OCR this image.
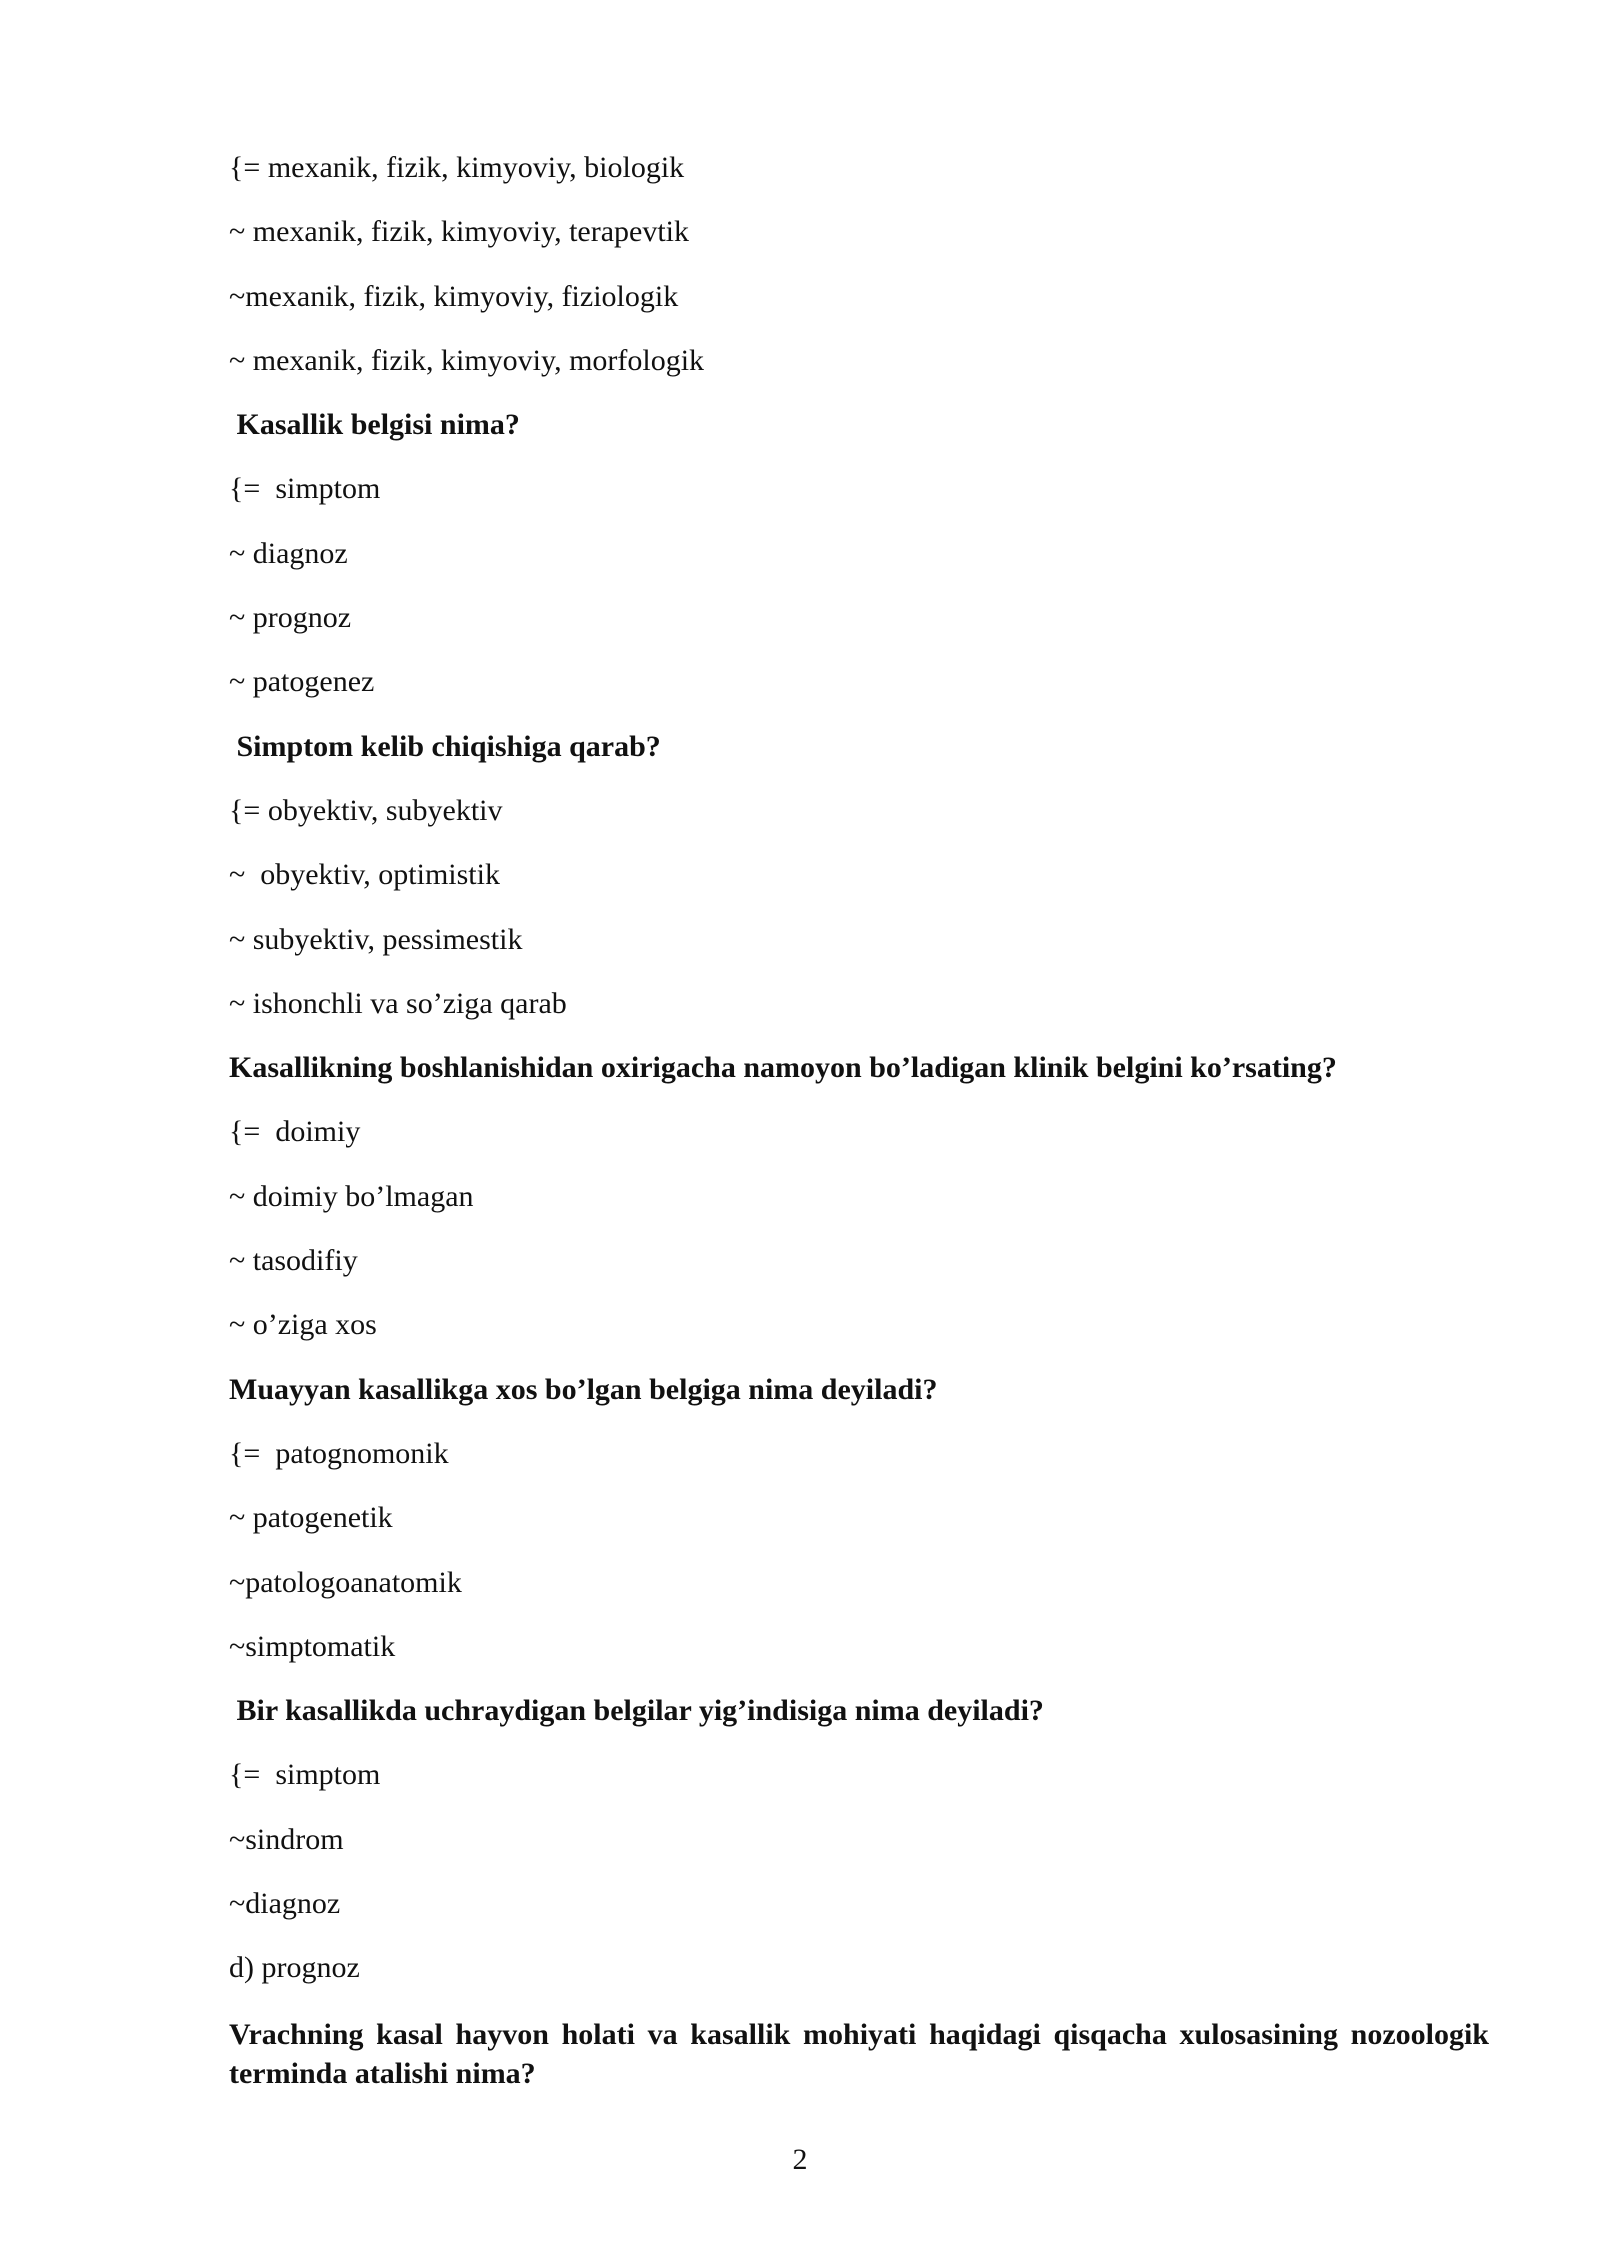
{= mexanik, fizik, kimyoviy, biologik
~ mexanik, fizik, kimyoviy, terapevtik
~mexanik, fizik, kimyoviy, fiziologik
~ mexanik, fizik, kimyoviy, morfologik
Kasallik belgisi nima?
{=  simptom
~ diagnoz
~ prognoz
~ patogenez
Simptom kelib chiqishiga qarab?
{= obyektiv, subyektiv
~  obyektiv, optimistik
~ subyektiv, pessimestik
~ ishonchli va so’ziga qarab
Kasallikning boshlanishidan oxirigacha namoyon bo’ladigan klinik belgini ko’rsating?
{=  doimiy
~ doimiy bo’lmagan
~ tasodifiy
~ o’ziga xos
Muayyan kasallikga xos bo’lgan belgiga nima deyiladi?
{=  patognomonik
~ patogenetik
~patologoanatomik
~simptomatik
Bir kasallikda uchraydigan belgilar yig’indisiga nima deyiladi?
{=  simptom
~sindrom
~diagnoz
d) prognoz
Vrachning kasal hayvon holati va kasallik mohiyati haqidagi qisqacha xulosasining nozoologik terminda atalishi nima?
2
